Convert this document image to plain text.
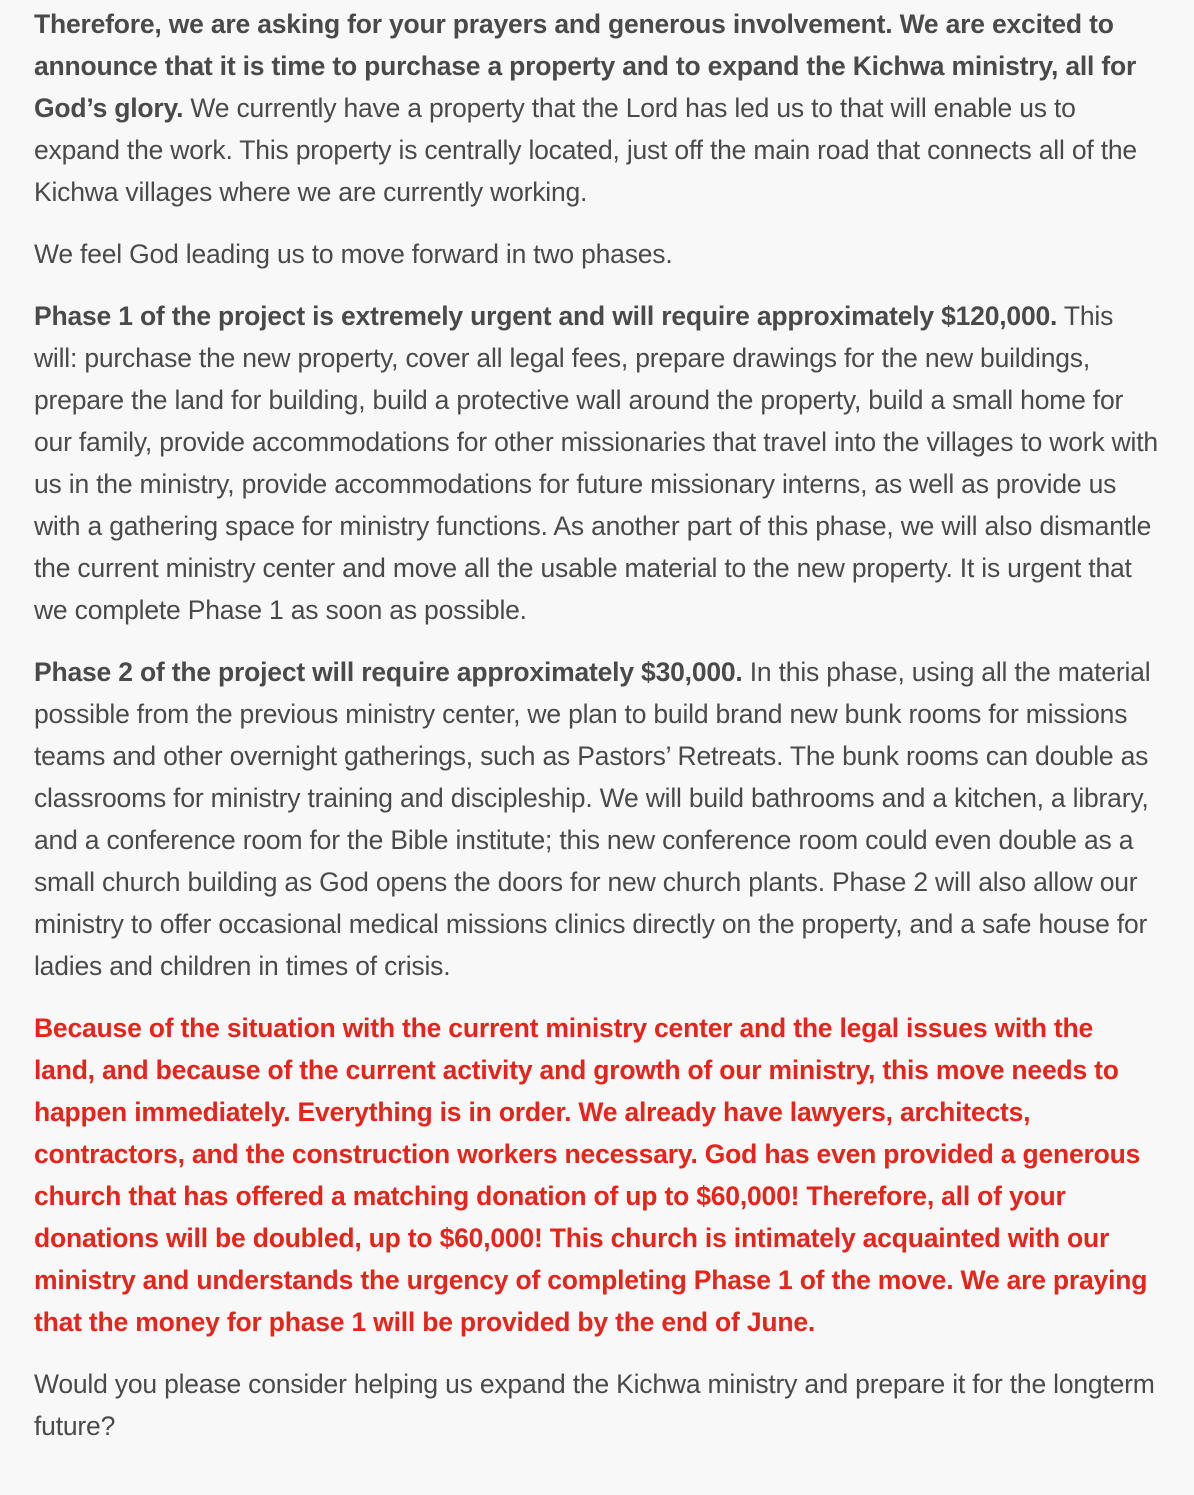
Therefore, we are asking for your prayers and generous involvement. We are excited to announce that it is time to purchase a property and to expand the Kichwa ministry, all for God’s glory. We currently have a property that the Lord has led us to that will enable us to expand the work. This property is centrally located, just off the main road that connects all of the Kichwa villages where we are currently working.

We feel God leading us to move forward in two phases.

Phase 1 of the project is extremely urgent and will require approximately $120,000. This will: purchase the new property, cover all legal fees, prepare drawings for the new buildings, prepare the land for building, build a protective wall around the property, build a small home for our family, provide accommodations for other missionaries that travel into the villages to work with us in the ministry, provide accommodations for future missionary interns, as well as provide us with a gathering space for ministry functions. As another part of this phase, we will also dismantle the current ministry center and move all the usable material to the new property. It is urgent that we complete Phase 1 as soon as possible.

Phase 2 of the project will require approximately $30,000. In this phase, using all the material possible from the previous ministry center, we plan to build brand new bunk rooms for missions teams and other overnight gatherings, such as Pastors’ Retreats. The bunk rooms can double as classrooms for ministry training and discipleship. We will build bathrooms and a kitchen, a library, and a conference room for the Bible institute; this new conference room could even double as a small church building as God opens the doors for new church plants. Phase 2 will also allow our ministry to offer occasional medical missions clinics directly on the property, and a safe house for ladies and children in times of crisis.

Because of the situation with the current ministry center and the legal issues with the land, and because of the current activity and growth of our ministry, this move needs to happen immediately. Everything is in order. We already have lawyers, architects, contractors, and the construction workers necessary. God has even provided a generous church that has offered a matching donation of up to $60,000! Therefore, all of your donations will be doubled, up to $60,000! This church is intimately acquainted with our ministry and understands the urgency of completing Phase 1 of the move. We are praying that the money for phase 1 will be provided by the end of June.

Would you please consider helping us expand the Kichwa ministry and prepare it for the longterm future?
